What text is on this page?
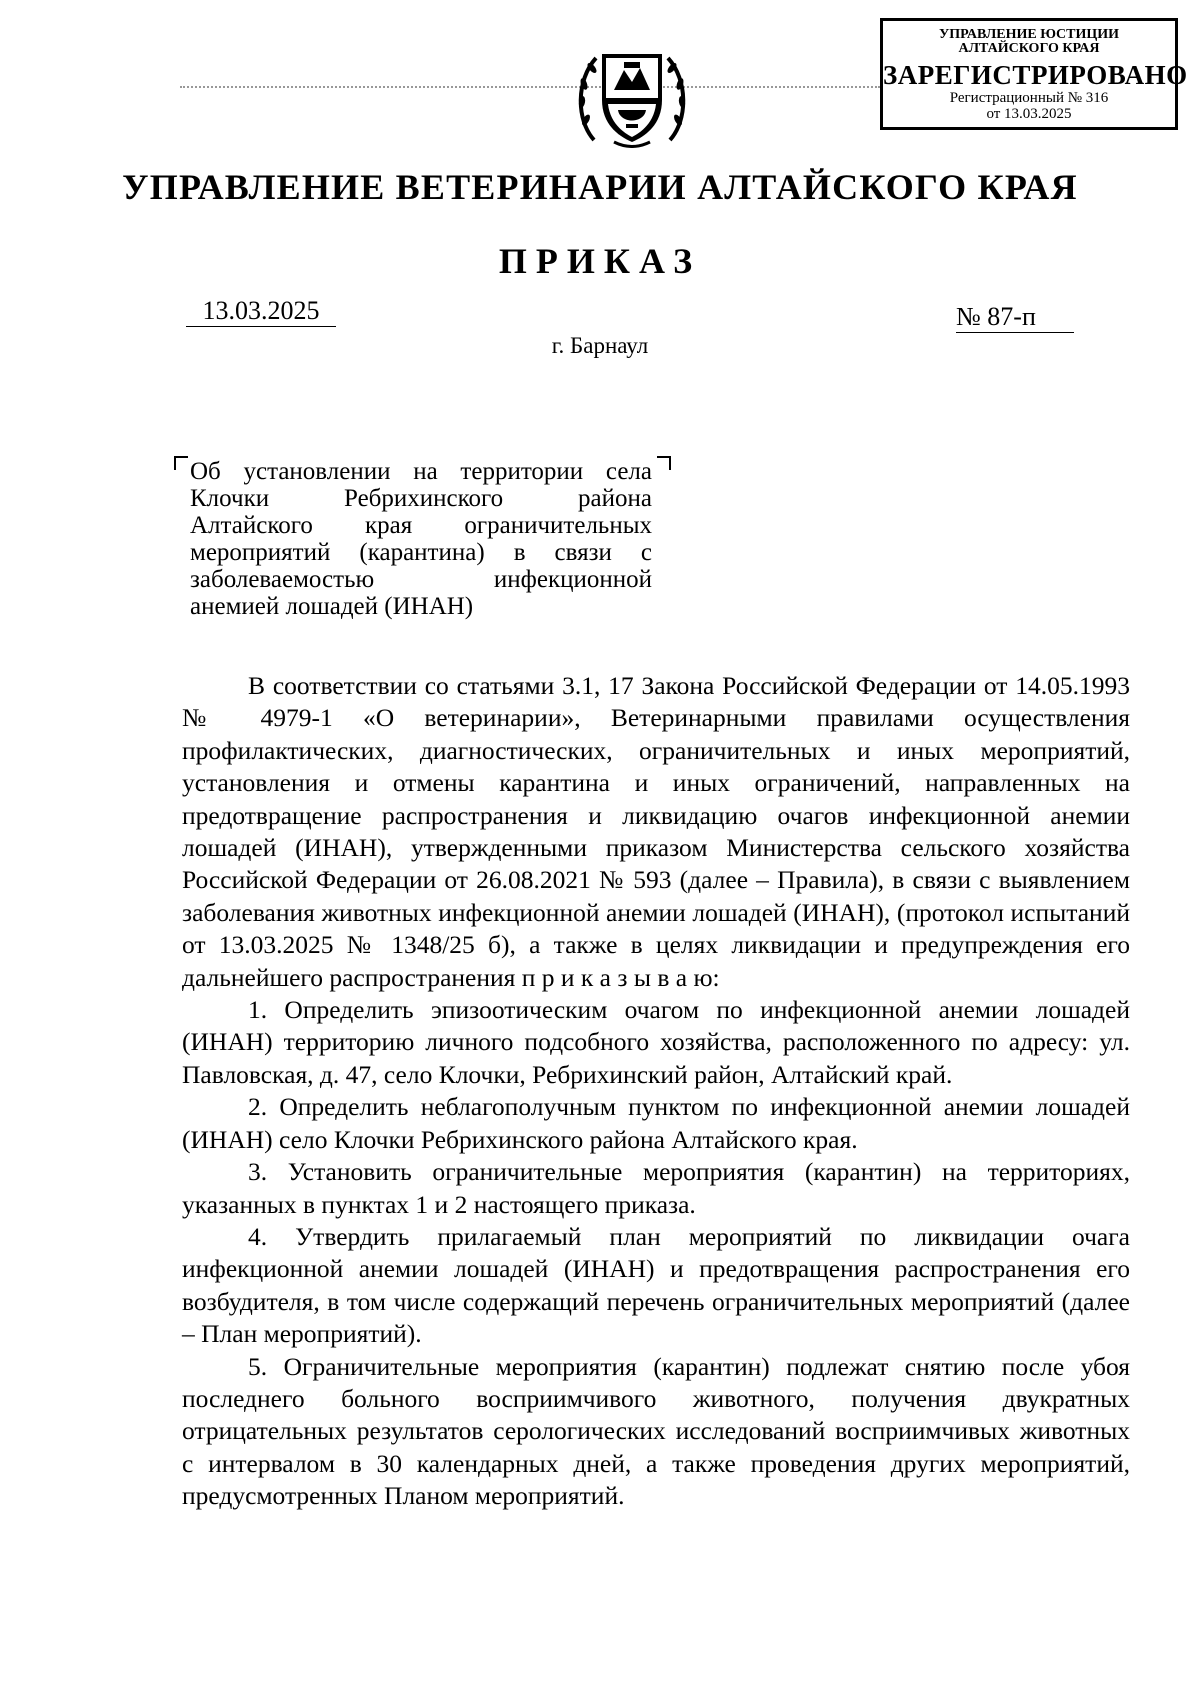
УПРАВЛЕНИЕ ЮСТИЦИИ
АЛТАЙСКОГО КРАЯ
ЗАРЕГИСТРИРОВАНО
Регистрационный № 316
от 13.03.2025
УПРАВЛЕНИЕ ВЕТЕРИНАРИИ АЛТАЙСКОГО КРАЯ
ПРИКАЗ
13.03.2025	№ 87-п
г. Барнаул

Об установлении на территории села

Клочки Ребрихинского района

Алтайского края ограничительных

мероприятий (карантина) в связи с

заболеваемостью инфекционной

анемией лошадей (ИНАН)

В соответствии со статьями 3.1, 17 Закона Российской Федерации от 14.05.1993 № 4979-1 «О ветеринарии», Ветеринарными правилами осуществления профилактических, диагностических, ограничительных и иных мероприятий, установления и отмены карантина и иных ограничений, направленных на предотвращение распространения и ликвидацию очагов инфекционной анемии лошадей (ИНАН), утвержденными приказом Министерства сельского хозяйства Российской Федерации от 26.08.2021 № 593 (далее – Правила), в связи с выявлением заболевания животных инфекционной анемии лошадей (ИНАН), (протокол испытаний от 13.03.2025 № 1348/25 б), а также в целях ликвидации и предупреждения его дальнейшего распространения п р и к а з ы в а ю:

1. Определить эпизоотическим очагом по инфекционной анемии лошадей (ИНАН) территорию личного подсобного хозяйства, расположенного по адресу: ул. Павловская, д. 47, село Клочки, Ребрихинский район, Алтайский край.

2. Определить неблагополучным пунктом по инфекционной анемии лошадей (ИНАН) село Клочки Ребрихинского района Алтайского края.

3. Установить ограничительные мероприятия (карантин) на территориях, указанных в пунктах 1 и 2 настоящего приказа.

4. Утвердить прилагаемый план мероприятий по ликвидации очага инфекционной анемии лошадей (ИНАН) и предотвращения распространения его возбудителя, в том числе содержащий перечень ограничительных мероприятий (далее – План мероприятий).

5. Ограничительные мероприятия (карантин) подлежат снятию после убоя последнего больного восприимчивого животного, получения двукратных отрицательных результатов серологических исследований восприимчивых животных с интервалом в 30 календарных дней, а также проведения других мероприятий, предусмотренных Планом мероприятий.
